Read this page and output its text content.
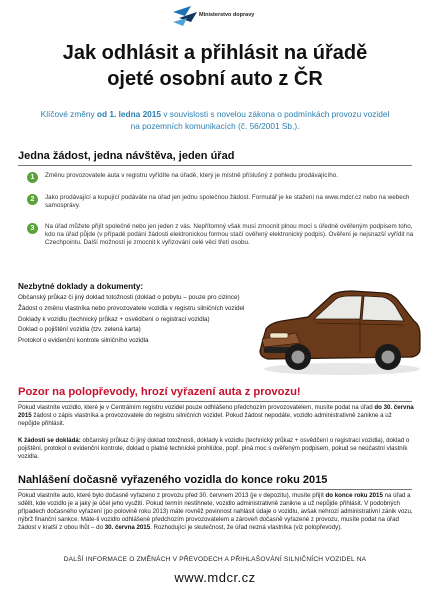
Ministerstvo dopravy
Jak odhlásit a přihlásit na úřadě
ojeté osobní auto z ČR
Klíčové změny od 1. ledna 2015 v souvislosti s novelou zákona o podmínkách provozu vozidel na pozemních komunikacích (č. 56/2001 Sb.).
Jedna žádost, jedna návštěva, jeden úřad
1	Změnu provozovatele auta v registru vyřídíte na úřadě, který je místně příslušný z pohledu prodávajícího.
2	Jako prodávající a kupující podáváte na úřad jen jednu společnou žádost. Formulář je ke stažení na www.mdcr.cz nebo na webech samosprávy.
3	Na úřad můžete přijít společně nebo jen jeden z vás. Nepřítomný však musí zmocnit plnou mocí s úředně ověřeným podpisem toho, kdo na úřad půjde (v případě podání žádosti elektronickou formou stačí ověřený elektronický podpis). Ověření je nejsnazší vyřídit na Czechpointu. Další možností je zmocnit k vyřizování celé věci třetí osobu.
Nezbytné doklady a dokumenty:
Občanský průkaz či jiný doklad totožnosti (doklad o pobytu – pouze pro cizince)
Žádost o změnu vlastníka nebo provozovatele vozidla v registru silničních vozidel
Doklady k vozidlu (technický průkaz + osvědčení o registraci vozidla)
Doklad o pojištění vozidla (tzv. zelená karta)
Protokol o evidenční kontrole silničního vozidla
Pozor na polopřevody, hrozí vyřazení auta z provozu!
Pokud vlastníte vozidlo, které je v Centrálním registru vozidel pouze odhlášeno předchozím provozovatelem, musíte podat na úřad do 30. června 2015 žádost o zápis vlastníka a provozovatele do registru silničních vozidel. Pokud žádost nepodáte, vozidlo administrativně zanikne a už nepůjde přihlásit.
K žádosti se dokládá: občanský průkaz či jiný doklad totožnosti, doklady k vozidlu (technický průkaz + osvědčení o registraci vozidla), doklad o pojištění, protokol o evidenční kontrole, doklad o platné technické prohlídce, popř. plná moc s ověřeným podpisem, pokud se neúčastní vlastník vozidla.
Nahlášení dočasně vyřazeného vozidla do konce roku 2015
Pokud vlastníte auto, které bylo dočasně vyřazeno z provozu před 30. červnem 2013 (je v depozitu), musíte přijít do konce roku 2015 na úřad a sdělit, kde vozidlo je a jaký je účel jeho využití. Pokud termín nestihnete, vozidlo administrativně zanikne a už nepůjde přihlásit. V podobných případech dočasného vyřazení (po polovině roku 2013) máte rovněž povinnost nahlásit údaje o vozidlu, avšak nehrozí administrativní zánik vozu, nýbrž finanční sankce. Máte-li vozidlo odhlášené předchozím provozovatelem a zároveň dočasně vyřazené z provozu, musíte podat na úřad žádost v kratší z obou lhůt – do 30. června 2015. Rozhodující je skutečnost, že úřad nezná vlastníka (viz polopřevody).
DALŠÍ INFORMACE O ZMĚNÁCH V PŘEVODECH A PŘIHLAŠOVÁNÍ SILNIČNÍCH VOZIDEL NA
www.mdcr.cz
